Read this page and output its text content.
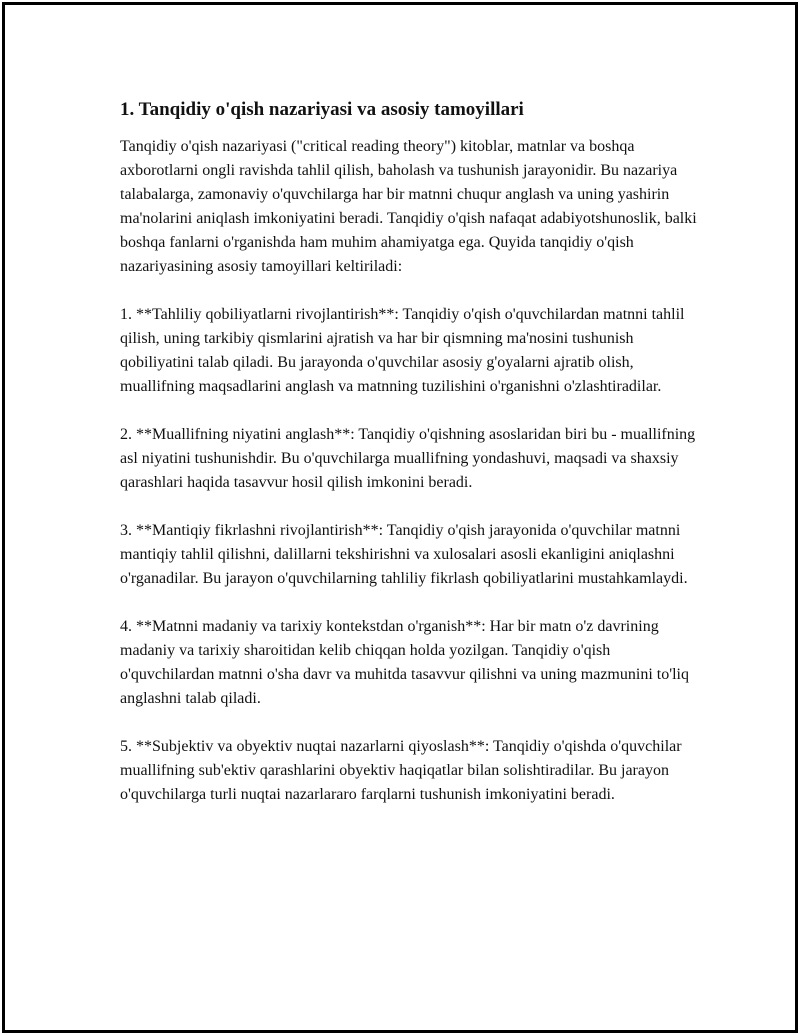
1. Tanqidiy o'qish nazariyasi va asosiy tamoyillari

Tanqidiy o'qish nazariyasi ("critical reading theory") kitoblar, matnlar va boshqa axborotlarni ongli ravishda tahlil qilish, baholash va tushunish jarayonidir. Bu nazariya talabalarga, zamonaviy o'quvchilarga har bir matnni chuqur anglash va uning yashirin ma'nolarini aniqlash imkoniyatini beradi. Tanqidiy o'qish nafaqat adabiyotshunoslik, balki boshqa fanlarni o'rganishda ham muhim ahamiyatga ega. Quyida tanqidiy o'qish nazariyasining asosiy tamoyillari keltiriladi:

1. **Tahliliy qobiliyatlarni rivojlantirish**: Tanqidiy o'qish o'quvchilardan matnni tahlil qilish, uning tarkibiy qismlarini ajratish va har bir qismning ma'nosini tushunish qobiliyatini talab qiladi. Bu jarayonda o'quvchilar asosiy g'oyalarni ajratib olish, muallifning maqsadlarini anglash va matnning tuzilishini o'rganishni o'zlashtiradilar.

2. **Muallifning niyatini anglash**: Tanqidiy o'qishning asoslaridan biri bu - muallifning asl niyatini tushunishdir. Bu o'quvchilarga muallifning yondashuvi, maqsadi va shaxsiy qarashlari haqida tasavvur hosil qilish imkonini beradi.

3. **Mantiqiy fikrlashni rivojlantirish**: Tanqidiy o'qish jarayonida o'quvchilar matnni mantiqiy tahlil qilishni, dalillarni tekshirishni va xulosalari asosli ekanligini aniqlashni o'rganadilar. Bu jarayon o'quvchilarning tahliliy fikrlash qobiliyatlarini mustahkamlaydi.

4. **Matnni madaniy va tarixiy kontekstdan o'rganish**: Har bir matn o'z davrining madaniy va tarixiy sharoitidan kelib chiqqan holda yozilgan. Tanqidiy o'qish o'quvchilardan matnni o'sha davr va muhitda tasavvur qilishni va uning mazmunini to'liq anglashni talab qiladi.

5. **Subjektiv va obyektiv nuqtai nazarlarni qiyoslash**: Tanqidiy o'qishda o'quvchilar muallifning sub'ektiv qarashlarini obyektiv haqiqatlar bilan solishtiradilar. Bu jarayon o'quvchilarga turli nuqtai nazarlararo farqlarni tushunish imkoniyatini beradi.
